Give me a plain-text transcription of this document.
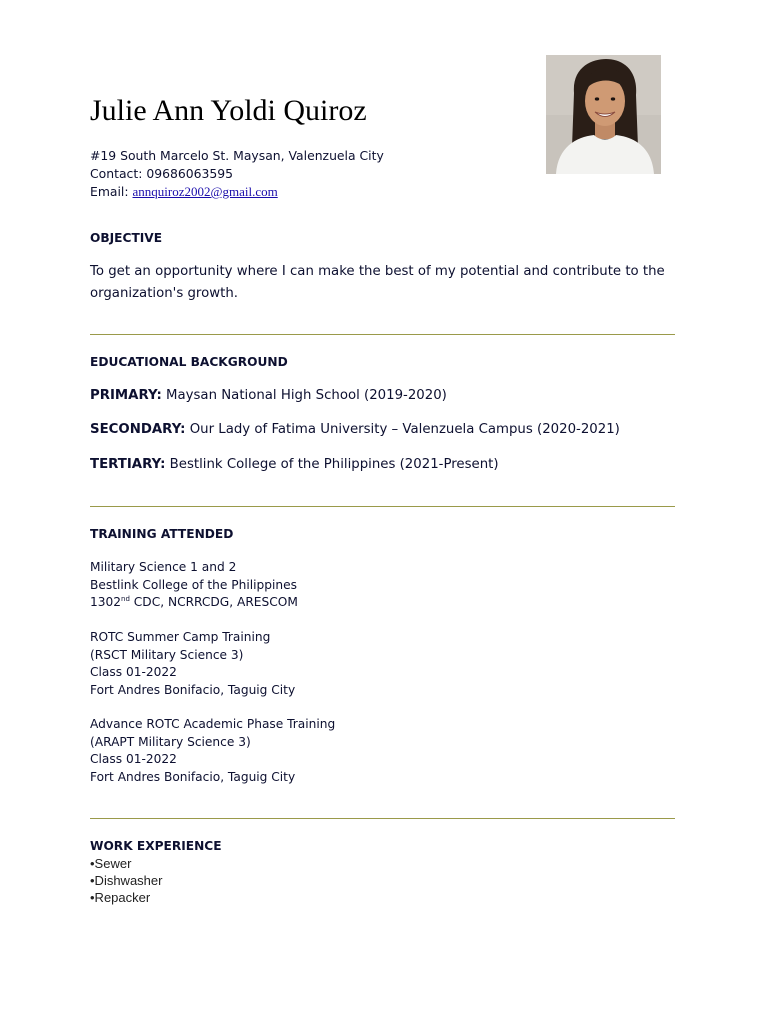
Julie Ann Yoldi Quiroz
#19 South Marcelo St. Maysan, Valenzuela City
Contact: 09686063595
Email: annquiroz2002@gmail.com
OBJECTIVE

To get an opportunity where I can make the best of my potential and contribute to the organization's growth.

EDUCATIONAL BACKGROUND
PRIMARY: Maysan National High School (2019-2020)
SECONDARY: Our Lady of Fatima University – Valenzuela Campus (2020-2021)
TERTIARY: Bestlink College of the Philippines (2021-Present)
TRAINING ATTENDED
Military Science 1 and 2
Bestlink College of the Philippines
1302nd CDC, NCRRCDG, ARESCOM
ROTC Summer Camp Training
(RSCT Military Science 3)
Class 01-2022
Fort Andres Bonifacio, Taguig City
Advance ROTC Academic Phase Training
(ARAPT Military Science 3)
Class 01-2022
Fort Andres Bonifacio, Taguig City
WORK EXPERIENCE
•Sewer
•Dishwasher
•Repacker
